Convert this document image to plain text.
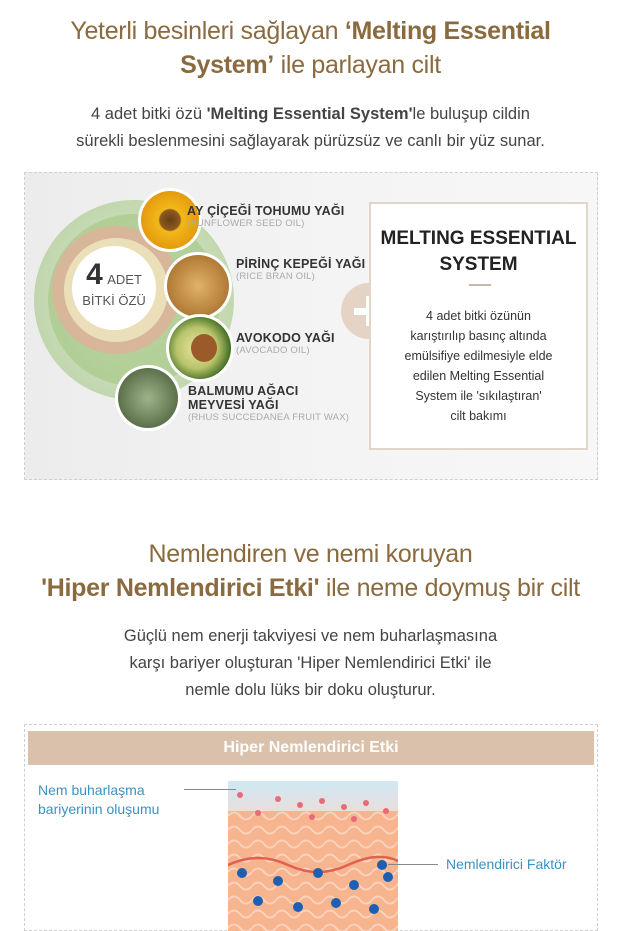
Yeterli besinleri sağlayan ‘Melting Essential
System’ ile parlayan cilt
4 adet bitki özü 'Melting Essential System'le buluşup cildin
sürekli beslenmesini sağlayarak pürüzsüz ve canlı bir yüz sunar.
4 ADET
BİTKİ ÖZÜ
AY ÇİÇEĞİ TOHUMU YAĞI
(SUNFLOWER SEED OIL)
PİRİNÇ KEPEĞİ YAĞI
(RICE BRAN OIL)
AVOKODO YAĞI
(AVOCADO OIL)
BALMUMU AĞACI
MEYVESİ YAĞI
(RHUS SUCCEDANEA FRUIT WAX)
MELTING ESSENTIAL
SYSTEM
4 adet bitki özünün
karıştırılıp basınç altında
emülsifiye edilmesiyle elde
edilen Melting Essential
System ile 'sıkılaştıran'
cilt bakımı
Nemlendiren ve nemi koruyan
'Hiper Nemlendirici Etki' ile neme doymuş bir cilt
Güçlü nem enerji takviyesi ve nem buharlaşmasına
karşı bariyer oluşturan 'Hiper Nemlendirici Etki' ile
nemle dolu lüks bir doku oluşturur.
Hiper Nemlendirici Etki
Nem buharlaşma
bariyerinin oluşumu
Nemlendirici Faktör
